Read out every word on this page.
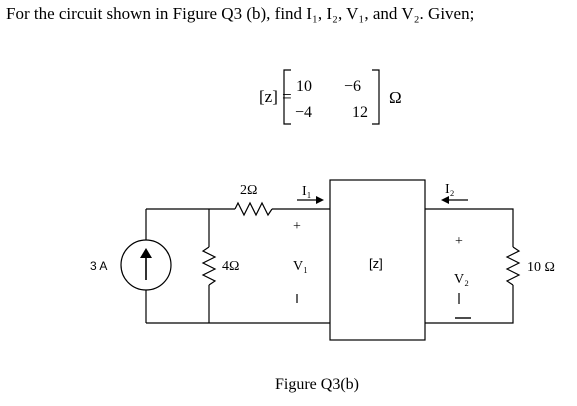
For the circuit shown in Figure Q3 (b), find I₁, I₂, V₁, and V₂. Given;
[z] =
10 −6
−4 12
Ω
3 A
2Ω
4Ω	10 Ω
I₁	I₂
+
V₁
+
V₂
[z]
Figure Q3(b)
